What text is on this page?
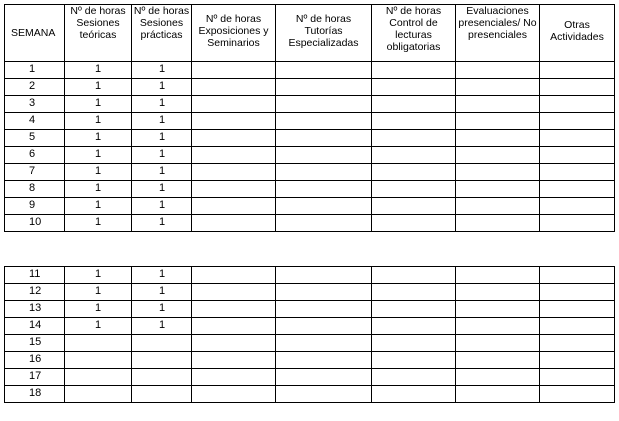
SEMANA	Nº de horas Sesiones teóricas	Nº de horas Sesiones prácticas	Nº de horas Exposiciones y Seminarios	Nº de horas Tutorías Especializadas	Nº de horas Control de lecturas obligatorias	Evaluaciones presenciales/ No presenciales	Otras Actividades
1	1	1					
2	1	1					
3	1	1					
4	1	1					
5	1	1					
6	1	1					
7	1	1					
8	1	1					
9	1	1					
10	1	1					
11	1	1					
12	1	1					
13	1	1					
14	1	1					
15							
16							
17							
18							
